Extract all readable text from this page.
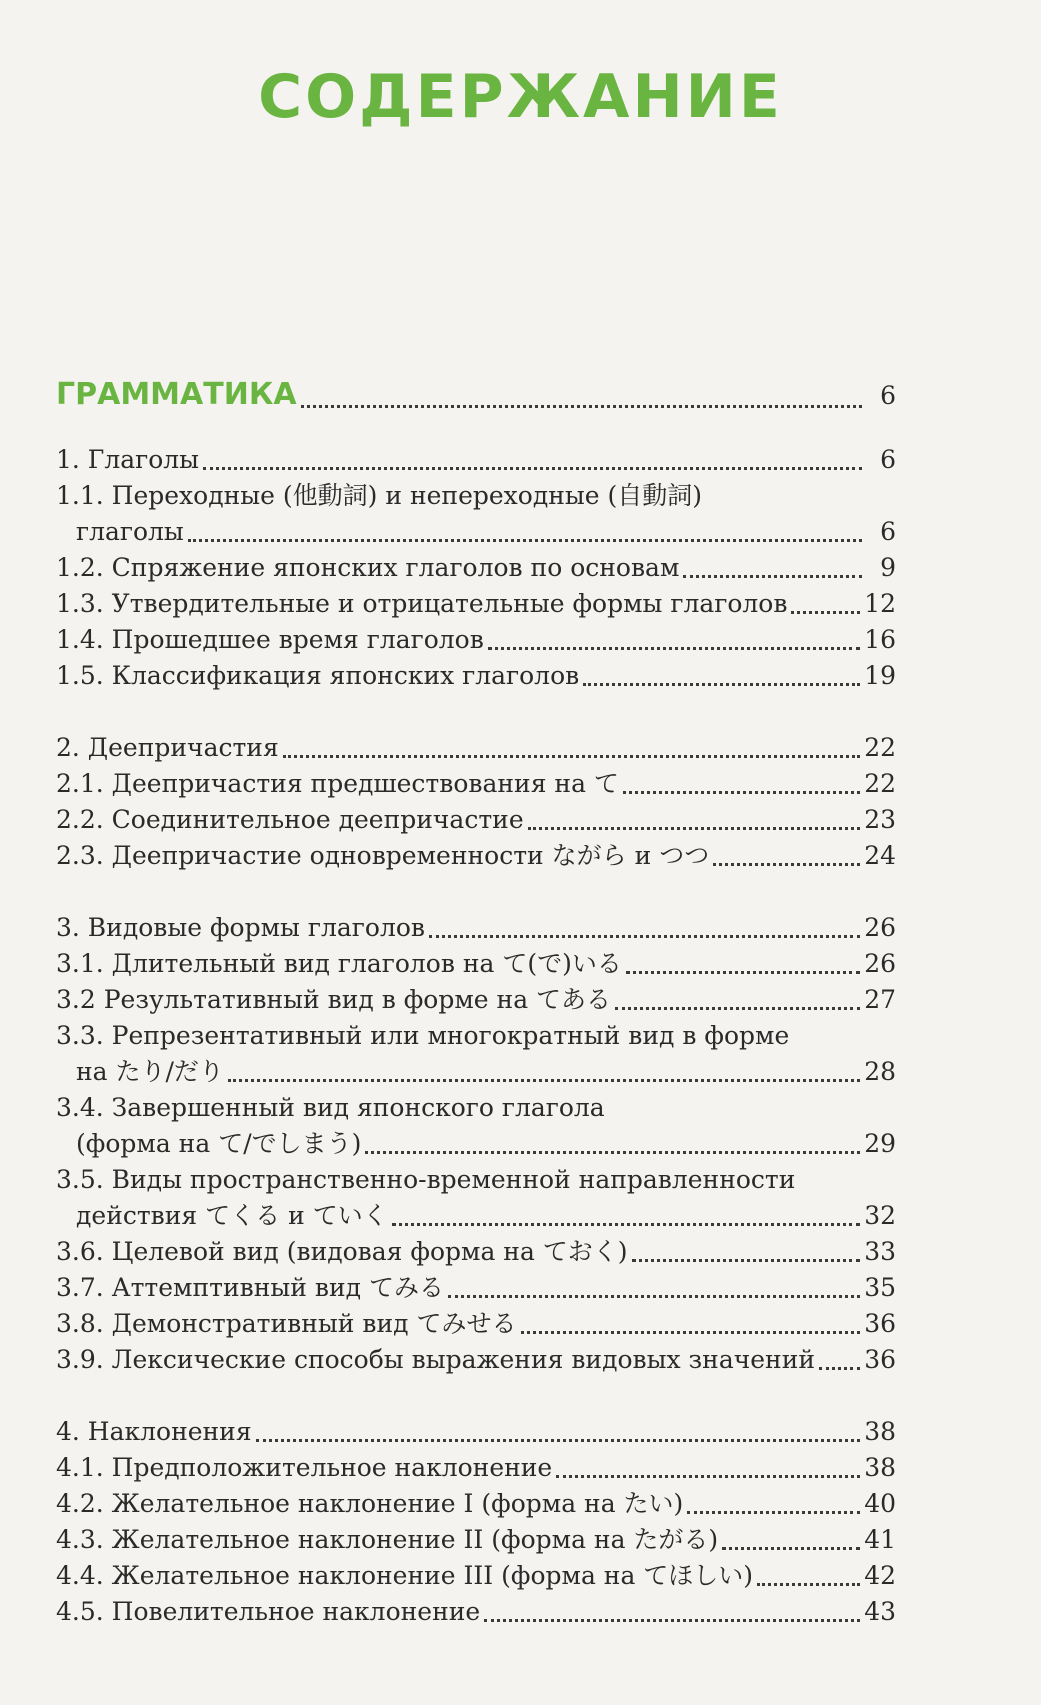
СОДЕРЖАНИЕ
ГРАММАТИКА	6
1. Глаголы	6
1.1. Переходные (他動詞) и непереходные (自動詞)
глаголы	6
1.2. Спряжение японских глаголов по основам	9
1.3. Утвердительные и отрицательные формы глаголов	12
1.4. Прошедшее время глаголов	16
1.5. Классификация японских глаголов	19
2. Деепричастия	22
2.1. Деепричастия предшествования на て	22
2.2. Соединительное деепричастие	23
2.3. Деепричастие одновременности ながら и つつ	24
3. Видовые формы глаголов	26
3.1. Длительный вид глаголов на て(で)いる	26
3.2 Результативный вид в форме на てある	27
3.3. Репрезентативный или многократный вид в форме
на たり/だり	28
3.4. Завершенный вид японского глагола
(форма на て/でしまう)	29
3.5. Виды пространственно-временной направленности
действия てくる и ていく	32
3.6. Целевой вид (видовая форма на ておく)	33
3.7. Аттемптивный вид てみる	35
3.8. Демонстративный вид てみせる	36
3.9. Лексические способы выражения видовых значений 36
4. Наклонения	38
4.1. Предположительное наклонение	38
4.2. Желательное наклонение I (форма на たい)	40
4.3. Желательное наклонение II (форма на たがる)	41
4.4. Желательное наклонение III (форма на てほしい)	42
4.5. Повелительное наклонение	43
